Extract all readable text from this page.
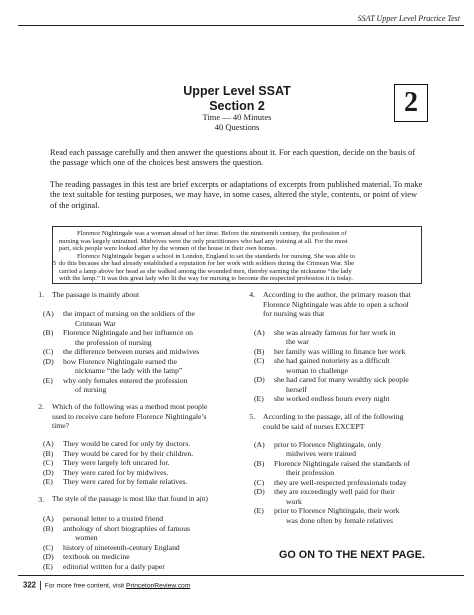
SSAT Upper Level Practice Test
Upper Level SSAT
Section 2
Time — 40 Minutes
40 Questions
2
Read each passage carefully and then answer the questions about it. For each question, decide on the basis of the passage which one of the choices best answers the question.
The reading passages in this test are brief excerpts or adaptations of excerpts from published material. To make the text suitable for testing purposes, we may have, in some cases, altered the style, contents, or point of view of the original.
Florence Nightingale was a woman ahead of her time. Before the nineteenth century, the profession of
nursing was largely untrained. Midwives were the only practitioners who had any training at all. For the most
part, sick people were looked after by the women of the house in their own homes.
Florence Nightingale began a school in London, England to set the standards for nursing. She was able to
5 do this because she had already established a reputation for her work with soldiers during the Crimean War. She
carried a lamp above her head as she walked among the wounded men, thereby earning the nickname “the lady
with the lamp.” It was this great lady who lit the way for nursing to become the respected profession it is today.
1. The passage is mainly about
(A) the impact of nursing on the soldiers of the
Crimean War
(B) Florence Nightingale and her influence on
the profession of nursing
(C) the difference between nurses and midwives
(D) how Florence Nightingale earned the
nickname “the lady with the lamp”
(E) why only females entered the profession
of nursing
2. Which of the following was a method most people
used to receive care before Florence Nightingale’s
time?
(A) They would be cared for only by doctors.
(B) They would be cared for by their children.
(C) They were largely left uncared for.
(D) They were cared for by midwives.
(E) They were cared for by female relatives.
3. The style of the passage is most like that found in a(n)
(A) personal letter to a trusted friend
(B) anthology of short biographies of famous
women
(C) history of nineteenth-century England
(D) textbook on medicine
(E) editorial written for a daily paper
4. According to the author, the primary reason that
Florence Nightingale was able to open a school
for nursing was that
(A) she was already famous for her work in
the war
(B) her family was willing to finance her work
(C) she had gained notoriety as a difficult
woman to challenge
(D) she had cared for many wealthy sick people
herself
(E) she worked endless hours every night
5. According to the passage, all of the following
could be said of nurses EXCEPT
(A) prior to Florence Nightingale, only
midwives were trained
(B) Florence Nightingale raised the standards of
their profession
(C) they are well-respected professionals today
(D) they are exceedingly well paid for their
work
(E) prior to Florence Nightingale, their work
was done often by female relatives
GO ON TO THE NEXT PAGE.
322 For more free content, visit PrincetonReview.com
